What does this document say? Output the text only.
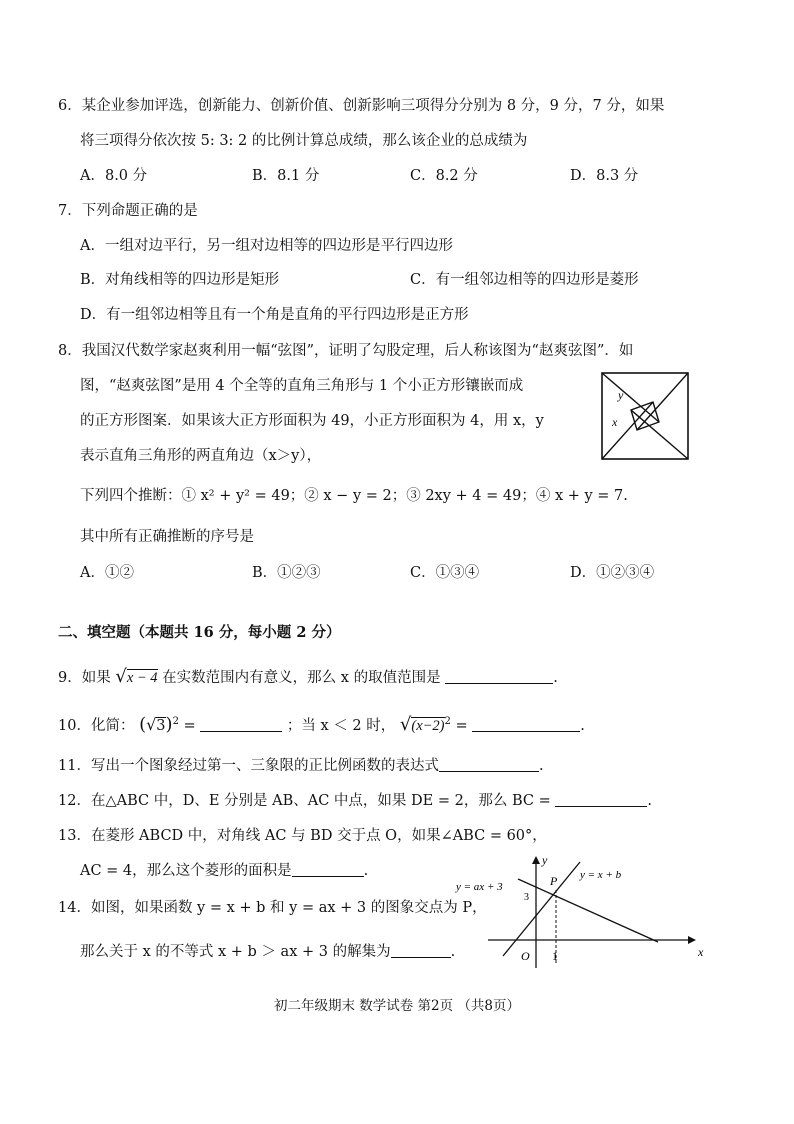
6．某企业参加评选，创新能力、创新价值、创新影响三项得分分别为 8 分，9 分，7 分，如果
将三项得分依次按 5: 3: 2 的比例计算总成绩，那么该企业的总成绩为
A．8.0 分	B．8.1 分	C．8.2 分	D．8.3 分
7．下列命题正确的是
A．一组对边平行，另一组对边相等的四边形是平行四边形
B．对角线相等的四边形是矩形	C．有一组邻边相等的四边形是菱形
D．有一组邻边相等且有一个角是直角的平行四边形是正方形
8．我国汉代数学家赵爽利用一幅“弦图”，证明了勾股定理，后人称该图为“赵爽弦图”．如
图，“赵爽弦图”是用 4 个全等的直角三角形与 1 个小正方形镶嵌而成
的正方形图案．如果该大正方形面积为 49，小正方形面积为 4，用 x，y
表示直角三角形的两直角边（x＞y），
下列四个推断：① x² + y² = 49；② x − y = 2；③ 2xy + 4 = 49；④ x + y = 7.
其中所有正确推断的序号是
A．①②	B．①②③	C．①③④	D．①②③④
y
x
二、填空题（本题共 16 分，每小题 2 分）
9．如果 √x − 4 在实数范围内有意义，那么 x 的取值范围是	.
10．化简： $(√3)^2$ =	；当 x ＜ 2 时， $√(x-2)^2$ =	.
11．写出一个图象经过第一、三象限的正比例函数的表达式	.
12．在△ABC 中，D、E 分别是 AB、AC 中点，如果 DE = 2，那么 BC =	.
13．在菱形 ABCD 中，对角线 AC 与 BD 交于点 O，如果∠ABC = 60°，
AC = 4，那么这个菱形的面积是	.
14．如图，如果函数 y = x + b 和 y = ax + 3 的图象交点为 P，
那么关于 x 的不等式 x + b ＞ ax + 3 的解集为	.
y
x
O 1
P
y = ax + 3
y = x + b
3
初二年级期末 数学试卷 第2页 （共8页）
